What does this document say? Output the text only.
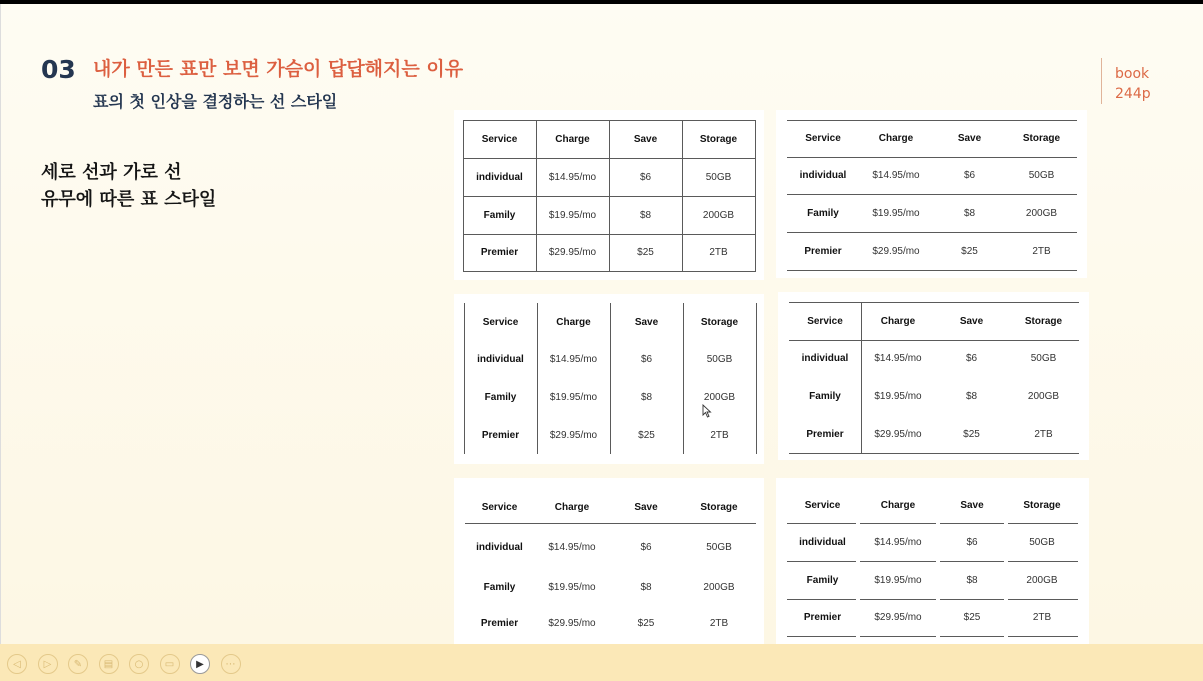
03 내가 만든 표만 보면 가슴이 답답해지는 이유
표의 첫 인상을 결정하는 선 스타일
세로 선과 가로 선
유무에 따른 표 스타일
book
244p
Service	Charge	Save	Storage
individual	$14.95/mo	$6	50GB
Family	$19.95/mo	$8	200GB
Premier	$29.95/mo	$25	2TB
Service	Charge	Save	Storage
individual	$14.95/mo	$6	50GB
Family	$19.95/mo	$8	200GB
Premier	$29.95/mo	$25	2TB
Service	Charge	Save	Storage
individual	$14.95/mo	$6	50GB
Family	$19.95/mo	$8	200GB
Premier	$29.95/mo	$25	2TB
Service	Charge	Save	Storage
individual	$14.95/mo	$6	50GB
Family	$19.95/mo	$8	200GB
Premier	$29.95/mo	$25	2TB
Service	Charge	Save	Storage
individual	$14.95/mo	$6	50GB
Family	$19.95/mo	$8	200GB
Premier	$29.95/mo	$25	2TB
Service	Charge	Save	Storage
individual	$14.95/mo	$6	50GB
Family	$19.95/mo	$8	200GB
Premier	$29.95/mo	$25	2TB
◁	▷	✎	▤	○	▭	▶	⋯
